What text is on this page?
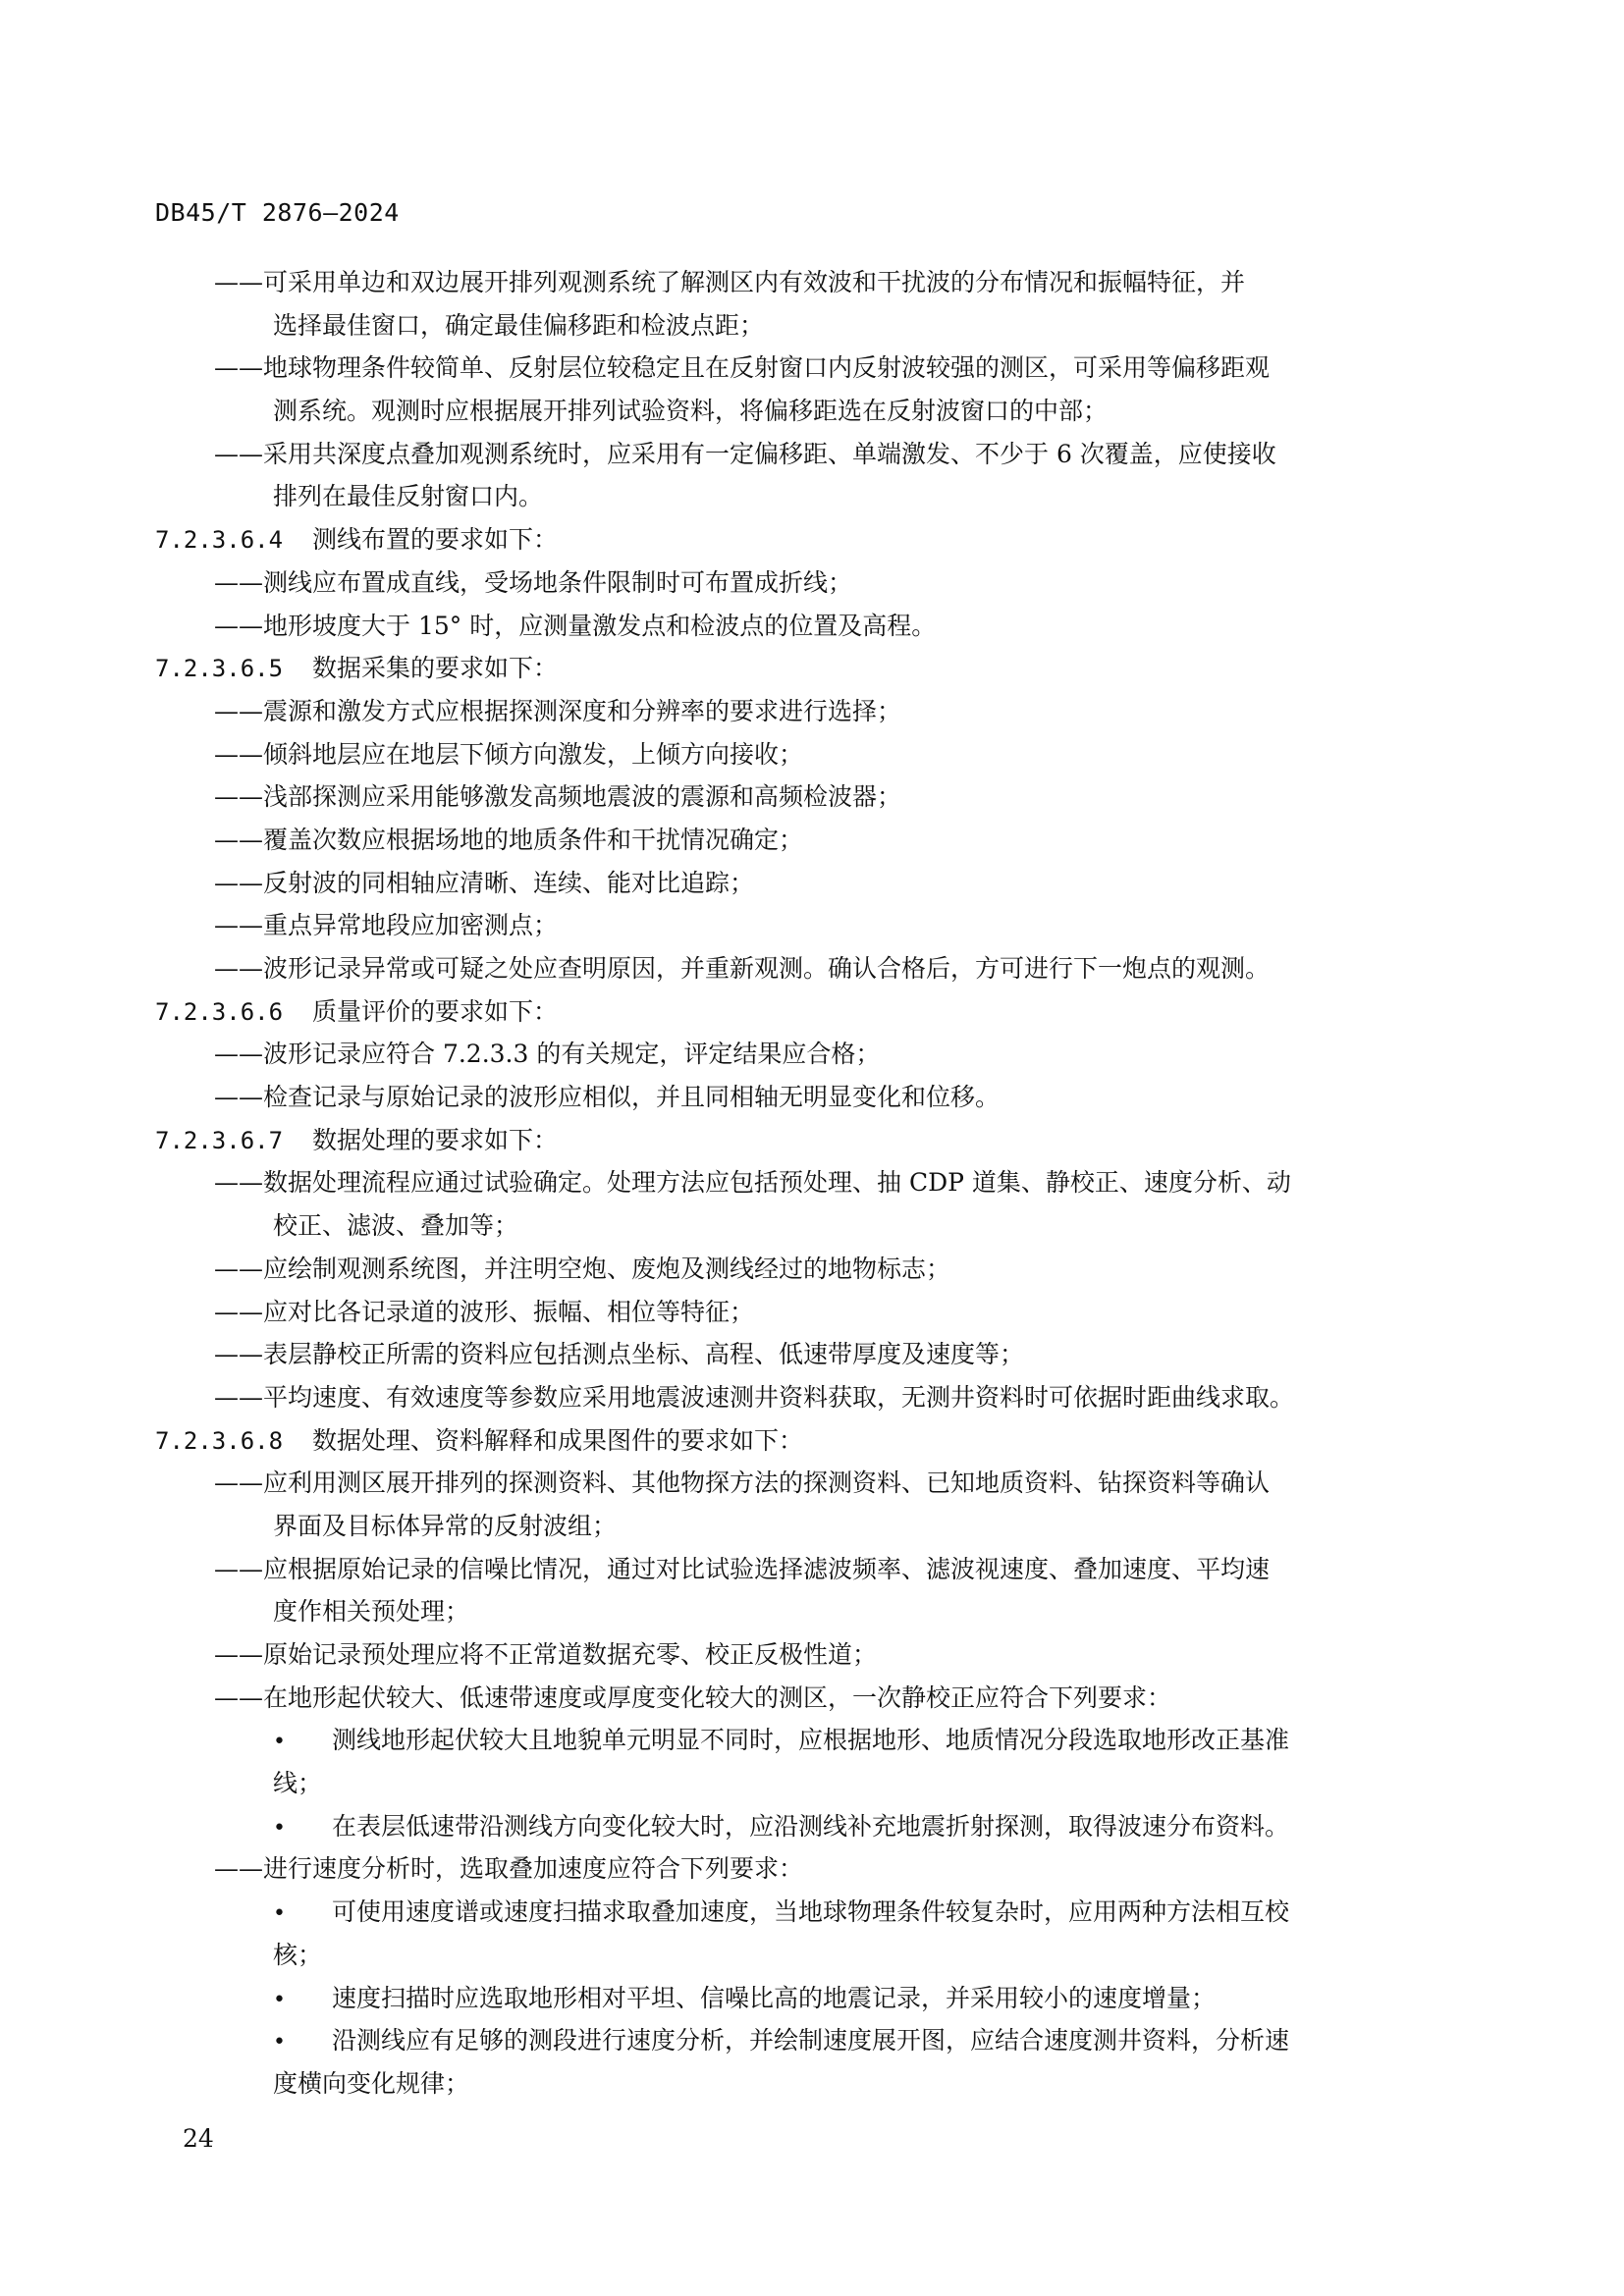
DB45/T 2876—2024
——可采用单边和双边展开排列观测系统了解测区内有效波和干扰波的分布情况和振幅特征，并
选择最佳窗口，确定最佳偏移距和检波点距；
——地球物理条件较简单、反射层位较稳定且在反射窗口内反射波较强的测区，可采用等偏移距观
测系统。观测时应根据展开排列试验资料，将偏移距选在反射波窗口的中部；
——采用共深度点叠加观测系统时，应采用有一定偏移距、单端激发、不少于 6 次覆盖，应使接收
排列在最佳反射窗口内。
7.2.3.6.4 测线布置的要求如下：
——测线应布置成直线，受场地条件限制时可布置成折线；
——地形坡度大于 15° 时，应测量激发点和检波点的位置及高程。
7.2.3.6.5 数据采集的要求如下：
——震源和激发方式应根据探测深度和分辨率的要求进行选择；
——倾斜地层应在地层下倾方向激发，上倾方向接收；
——浅部探测应采用能够激发高频地震波的震源和高频检波器；
——覆盖次数应根据场地的地质条件和干扰情况确定；
——反射波的同相轴应清晰、连续、能对比追踪；
——重点异常地段应加密测点；
——波形记录异常或可疑之处应查明原因，并重新观测。确认合格后，方可进行下一炮点的观测。
7.2.3.6.6 质量评价的要求如下：
——波形记录应符合 7.2.3.3 的有关规定，评定结果应合格；
——检查记录与原始记录的波形应相似，并且同相轴无明显变化和位移。
7.2.3.6.7 数据处理的要求如下：
——数据处理流程应通过试验确定。处理方法应包括预处理、抽 CDP 道集、静校正、速度分析、动
校正、滤波、叠加等；
——应绘制观测系统图，并注明空炮、废炮及测线经过的地物标志；
——应对比各记录道的波形、振幅、相位等特征；
——表层静校正所需的资料应包括测点坐标、高程、低速带厚度及速度等；
——平均速度、有效速度等参数应采用地震波速测井资料获取，无测井资料时可依据时距曲线求取。
7.2.3.6.8 数据处理、资料解释和成果图件的要求如下：
——应利用测区展开排列的探测资料、其他物探方法的探测资料、已知地质资料、钻探资料等确认
界面及目标体异常的反射波组；
——应根据原始记录的信噪比情况，通过对比试验选择滤波频率、滤波视速度、叠加速度、平均速
度作相关预处理；
——原始记录预处理应将不正常道数据充零、校正反极性道；
——在地形起伏较大、低速带速度或厚度变化较大的测区，一次静校正应符合下列要求：
• 测线地形起伏较大且地貌单元明显不同时，应根据地形、地质情况分段选取地形改正基准
线；
• 在表层低速带沿测线方向变化较大时，应沿测线补充地震折射探测，取得波速分布资料。
——进行速度分析时，选取叠加速度应符合下列要求：
• 可使用速度谱或速度扫描求取叠加速度，当地球物理条件较复杂时，应用两种方法相互校
核；
• 速度扫描时应选取地形相对平坦、信噪比高的地震记录，并采用较小的速度增量；
• 沿测线应有足够的测段进行速度分析，并绘制速度展开图，应结合速度测井资料，分析速
度横向变化规律；
24
